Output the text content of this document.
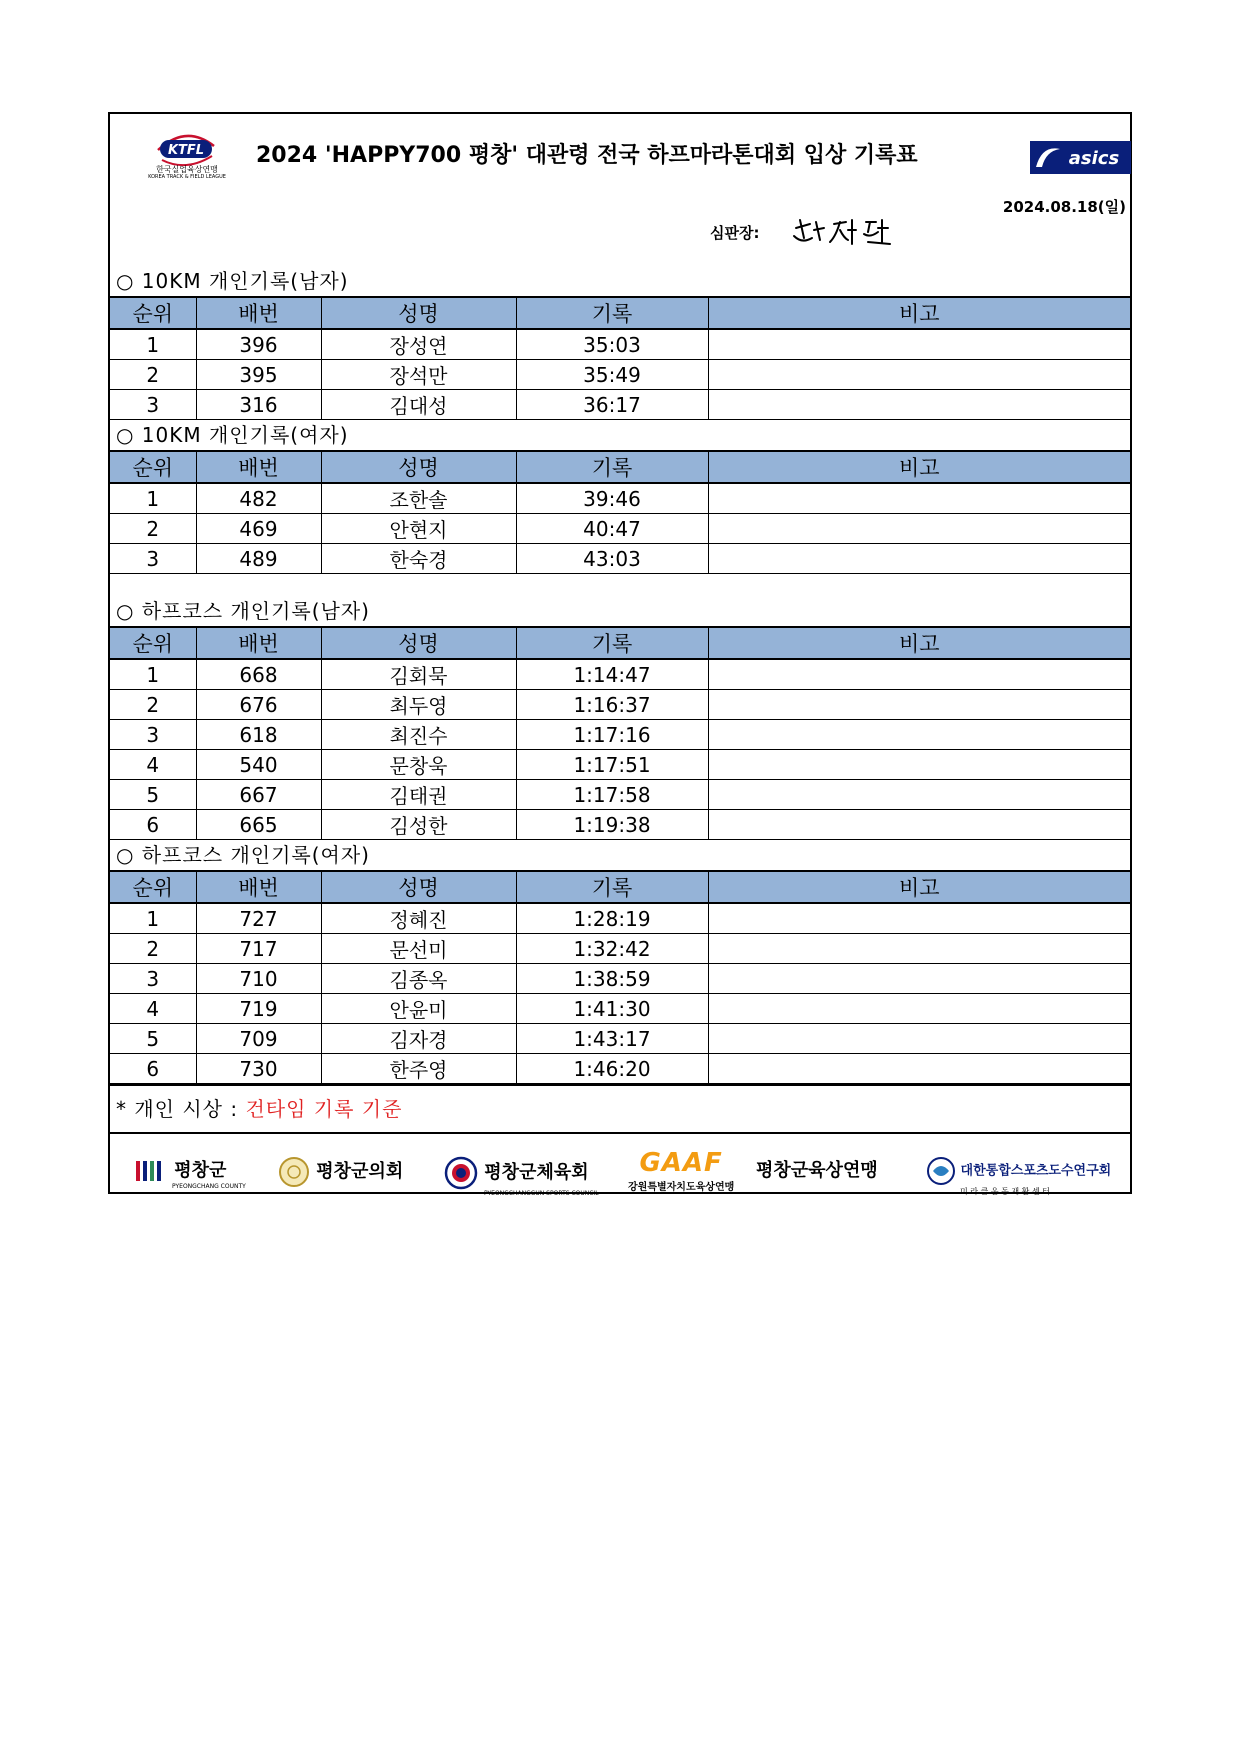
KTFL
한국실업육상연맹
KOREA TRACK & FIELD LEAGUE
2024 'HAPPY700 평창' 대관령 전국 하프마라톤대회 입상 기록표	asics
2024.08.18(일)
심판장:
○ 10KM 개인기록(남자)
순위	배번	성명	기록	비고
1	396	장성연	35:03	
2	395	장석만	35:49	
3	316	김대성	36:17	
○ 10KM 개인기록(여자)
순위	배번	성명	기록	비고
1	482	조한솔	39:46	
2	469	안현지	40:47	
3	489	한숙경	43:03	
○ 하프코스 개인기록(남자)
순위	배번	성명	기록	비고
1	668	김회묵	1:14:47	
2	676	최두영	1:16:37	
3	618	최진수	1:17:16	
4	540	문창욱	1:17:51	
5	667	김태권	1:17:58	
6	665	김성한	1:19:38	
○ 하프코스 개인기록(여자)
순위	배번	성명	기록	비고
1	727	정혜진	1:28:19	
2	717	문선미	1:32:42	
3	710	김종옥	1:38:59	
4	719	안윤미	1:41:30	
5	709	김자경	1:43:17	
6	730	한주영	1:46:20	
* 개인 시상 : 건타임 기록 기준
평창군
PYEONGCHANG COUNTY
평창군의회	평창군체육회
PYEONGCHANGGUN SPORTS COUNCIL
GAAF
강원특별자치도육상연맹
평창군육상연맹	대한통합스포츠도수연구회
미 라 클 운 동 재 활 센 터
